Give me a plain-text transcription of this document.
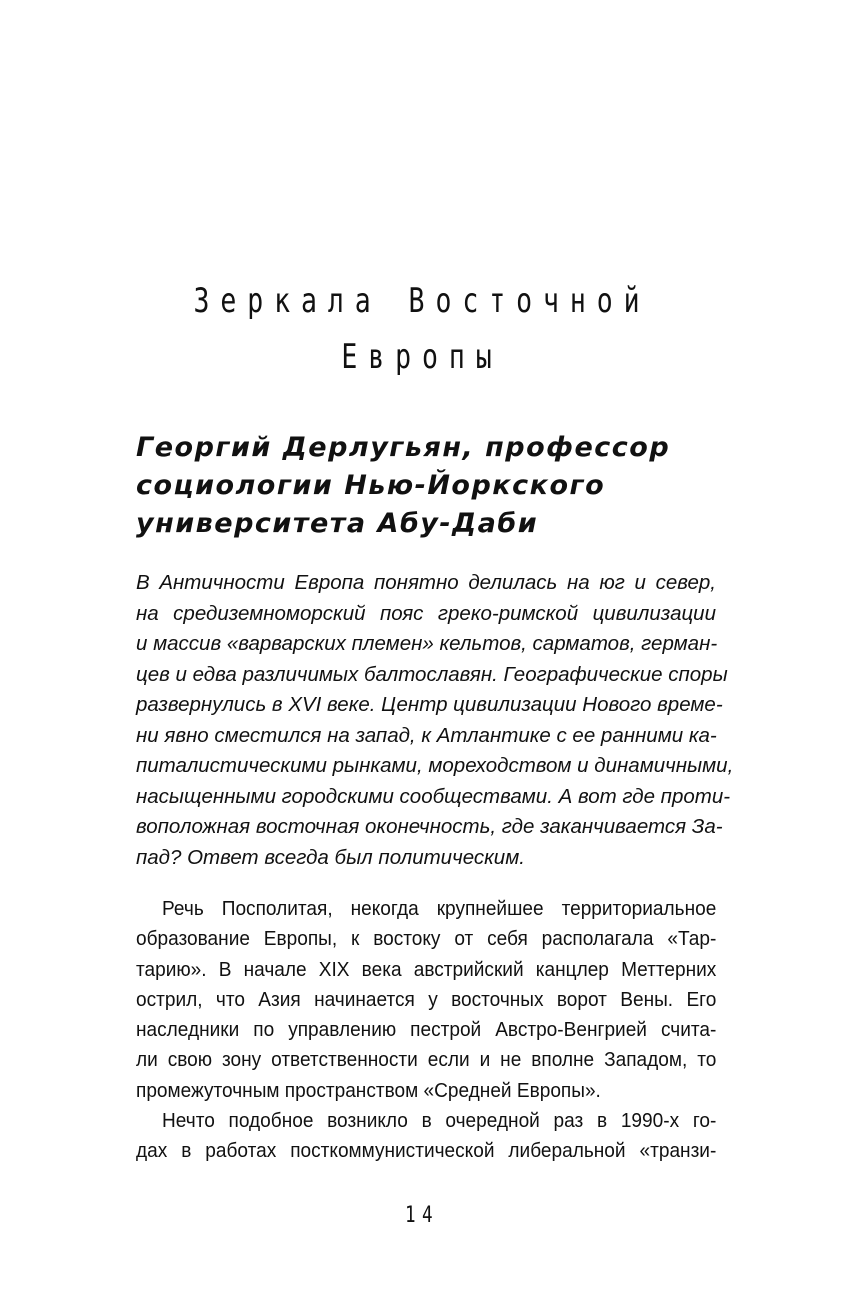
Зеркала Восточной
Европы
Георгий Дерлугьян, профессор
социологии Нью-Йоркского
университета Абу-Даби
В Античности Европа понятно делилась на юг и север,
на средиземноморский пояс греко-римской цивилизации
и массив «варварских племен» кельтов, сарматов, герман-
цев и едва различимых балтославян. Географические споры
развернулись в XVI веке. Центр цивилизации Нового време-
ни явно сместился на запад, к Атлантике с ее ранними ка-
питалистическими рынками, мореходством и динамичными,
насыщенными городскими сообществами. А вот где проти-
воположная восточная оконечность, где заканчивается За-
пад? Ответ всегда был политическим.
Речь Посполитая, некогда крупнейшее территориальное
образование Европы, к востоку от себя располагала «Тар-
тарию». В начале XIX века австрийский канцлер Меттерних
острил, что Азия начинается у восточных ворот Вены. Его
наследники по управлению пестрой Австро-Венгрией счита-
ли свою зону ответственности если и не вполне Западом, то
промежуточным пространством «Средней Европы».
Нечто подобное возникло в очередной раз в 1990-х го-
дах в работах посткоммунистической либеральной «транзи-
14
